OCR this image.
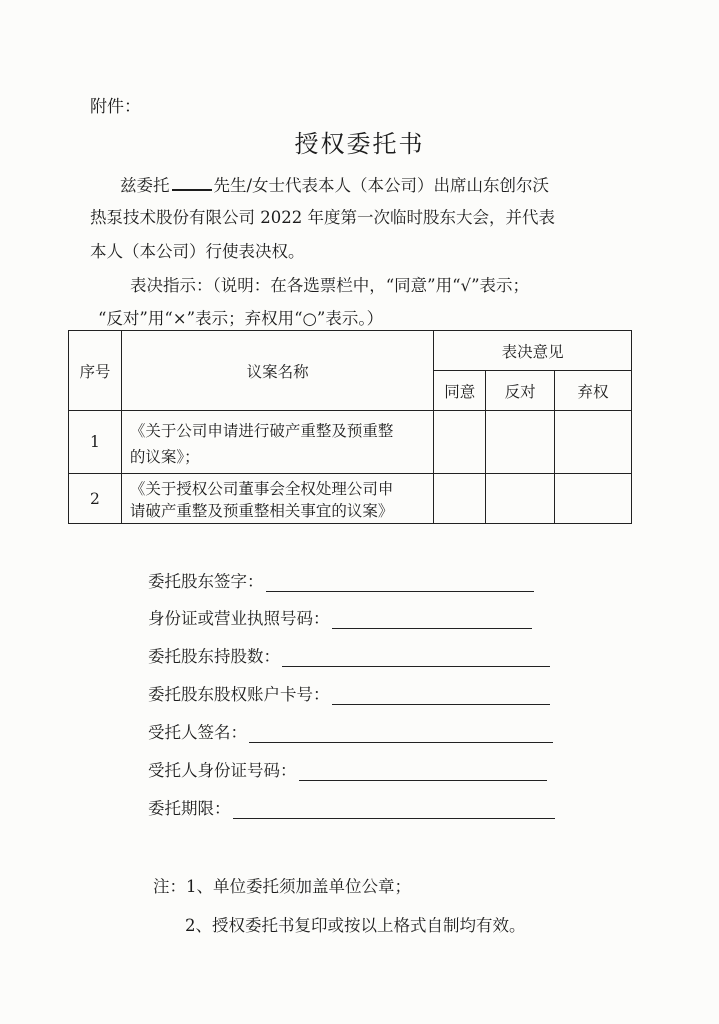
附件：
授权委托书
兹委托	先生/女士代表本人（本公司）出席山东创尔沃
热泵技术股份有限公司 2022 年度第一次临时股东大会，并代表
本人（本公司）行使表决权。
表决指示：（说明：在各选票栏中，“同意”用“√”表示；
“反对”用“×”表示；弃权用“○”表示。）
序号	议案名称	表决意见		
		同意	反对	弃权
1	《关于公司申请进行破产重整及预重整
的议案》；			

2	《关于授权公司董事会全权处理公司申
请破产重整及预重整相关事宜的议案》			

委托股东签字：
身份证或营业执照号码：
委托股东持股数：
委托股东股权账户卡号：
受托人签名：
受托人身份证号码：
委托期限：
注：1、单位委托须加盖单位公章；
2、授权委托书复印或按以上格式自制均有效。
